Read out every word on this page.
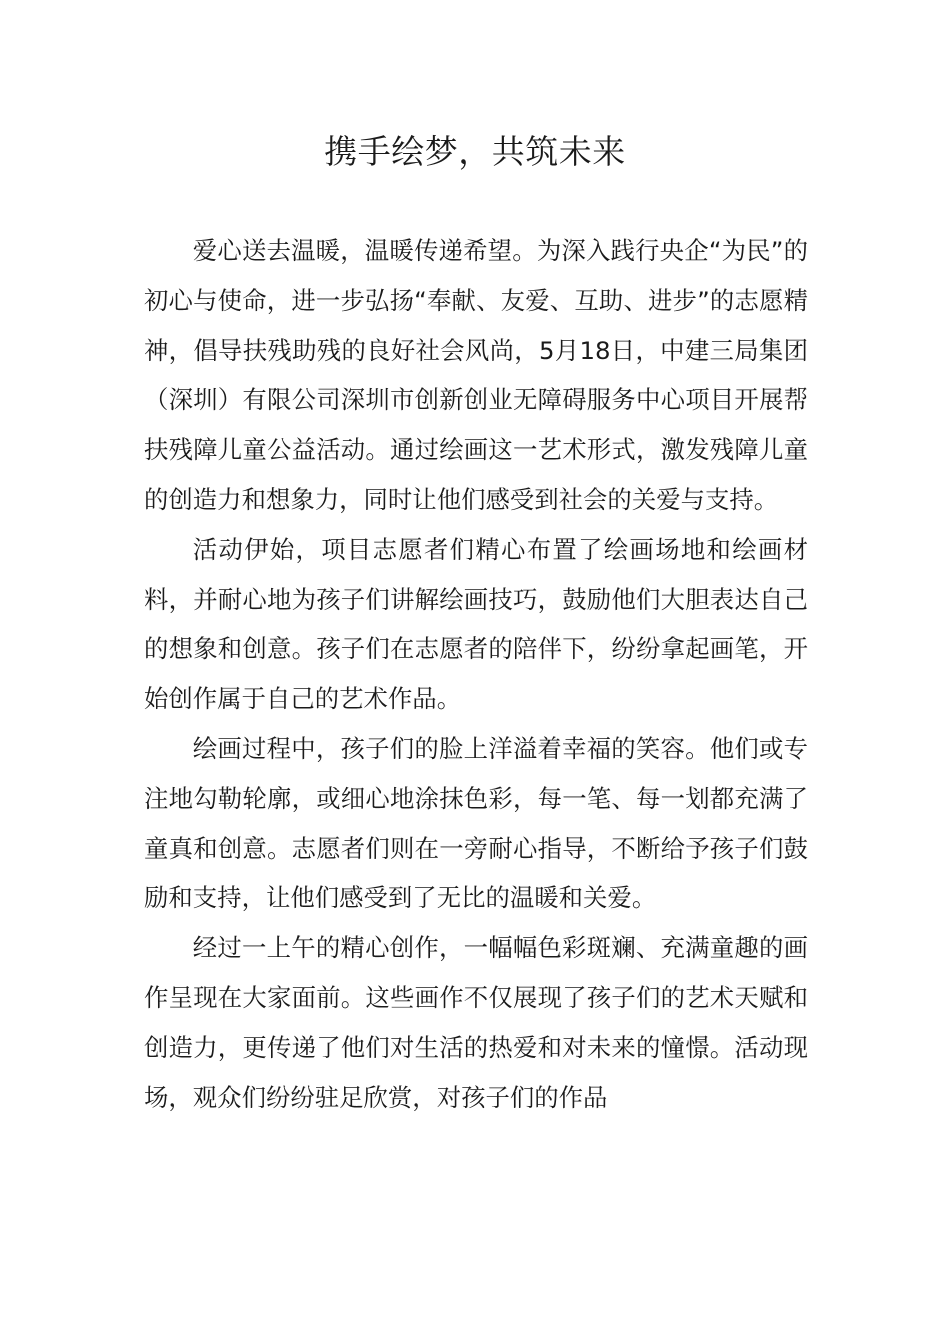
携手绘梦，共筑未来

爱心送去温暖，温暖传递希望。为深入践行央企“为民”的初心与使命，进一步弘扬“奉献、友爱、互助、进步”的志愿精神，倡导扶残助残的良好社会风尚，5月18日，中建三局集团（深圳）有限公司深圳市创新创业无障碍服务中心项目开展帮扶残障儿童公益活动。通过绘画这一艺术形式，激发残障儿童的创造力和想象力，同时让他们感受到社会的关爱与支持。

活动伊始，项目志愿者们精心布置了绘画场地和绘画材料，并耐心地为孩子们讲解绘画技巧，鼓励他们大胆表达自己的想象和创意。孩子们在志愿者的陪伴下，纷纷拿起画笔，开始创作属于自己的艺术作品。

绘画过程中，孩子们的脸上洋溢着幸福的笑容。他们或专注地勾勒轮廓，或细心地涂抹色彩，每一笔、每一划都充满了童真和创意。志愿者们则在一旁耐心指导，不断给予孩子们鼓励和支持，让他们感受到了无比的温暖和关爱。

经过一上午的精心创作，一幅幅色彩斑斓、充满童趣的画作呈现在大家面前。这些画作不仅展现了孩子们的艺术天赋和创造力，更传递了他们对生活的热爱和对未来的憧憬。活动现场，观众们纷纷驻足欣赏，对孩子们的作品
